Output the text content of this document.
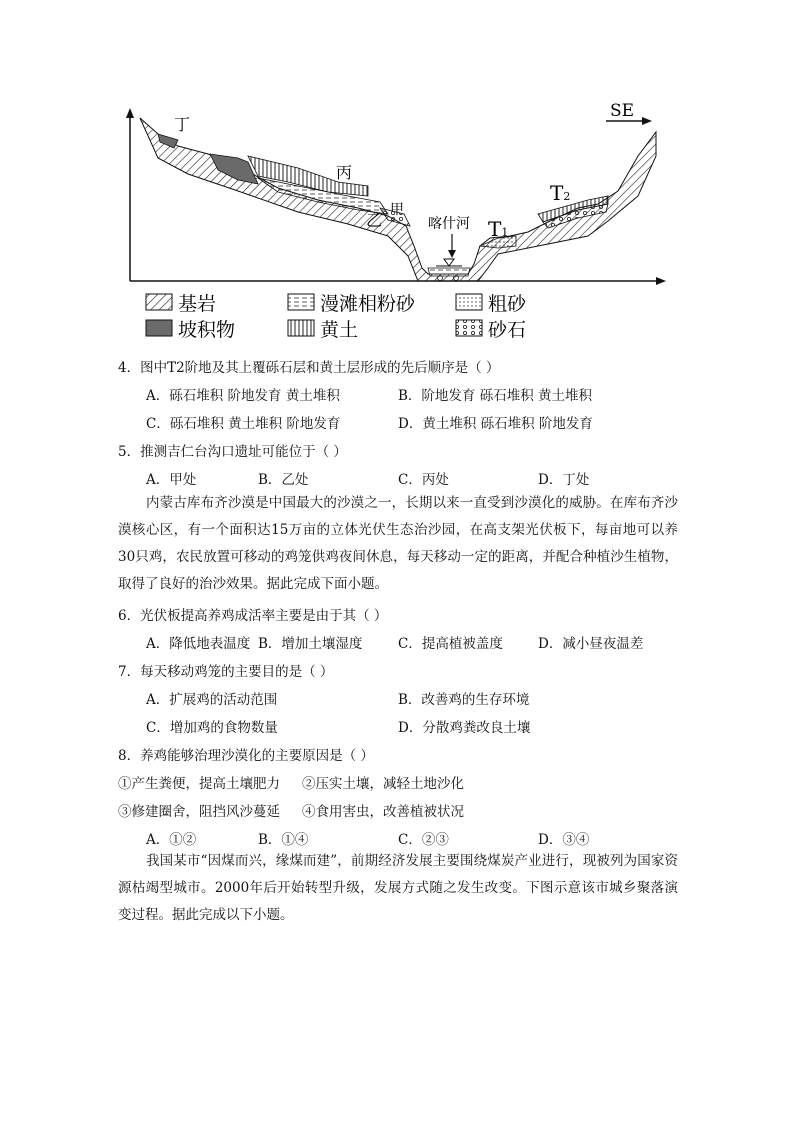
SE
丁
丙
乙
甲
喀什河 T1
T2
基岩	漫滩相粉砂	粗砂
坡积物	黄土	砂石
4．图中T2阶地及其上覆砾石层和黄土层形成的先后顺序是（ ）
A．砾石堆积 阶地发育 黄土堆积	B．阶地发育 砾石堆积 黄土堆积
C．砾石堆积 黄土堆积 阶地发育	D．黄土堆积 砾石堆积 阶地发育
5．推测吉仁台沟口遗址可能位于（ ）
A．甲处	B．乙处	C．丙处	D．丁处
内蒙古库布齐沙漠是中国最大的沙漠之一，长期以来一直受到沙漠化的威胁。在库布齐沙漠核心区，有一个面积达15万亩的立体光伏生态治沙园，在高支架光伏板下，每亩地可以养30只鸡，农民放置可移动的鸡笼供鸡夜间休息，每天移动一定的距离，并配合种植沙生植物，取得了良好的治沙效果。据此完成下面小题。
6．光伏板提高养鸡成活率主要是由于其（ ）
A．降低地表温度 B．增加土壤湿度	C．提高植被盖度	D．减小昼夜温差
7．每天移动鸡笼的主要目的是（ ）
A．扩展鸡的活动范围	B．改善鸡的生存环境
C．增加鸡的食物数量	D．分散鸡粪改良土壤
8．养鸡能够治理沙漠化的主要原因是（ ）
①产生粪便，提高土壤肥力 ②压实土壤，减轻土地沙化
③修建圈舍，阻挡风沙蔓延 ④食用害虫，改善植被状况
A．①②	B．①④	C．②③	D．③④
我国某市“因煤而兴，缘煤而建”，前期经济发展主要围绕煤炭产业进行，现被列为国家资源枯竭型城市。2000年后开始转型升级，发展方式随之发生改变。下图示意该市城乡聚落演变过程。据此完成以下小题。
